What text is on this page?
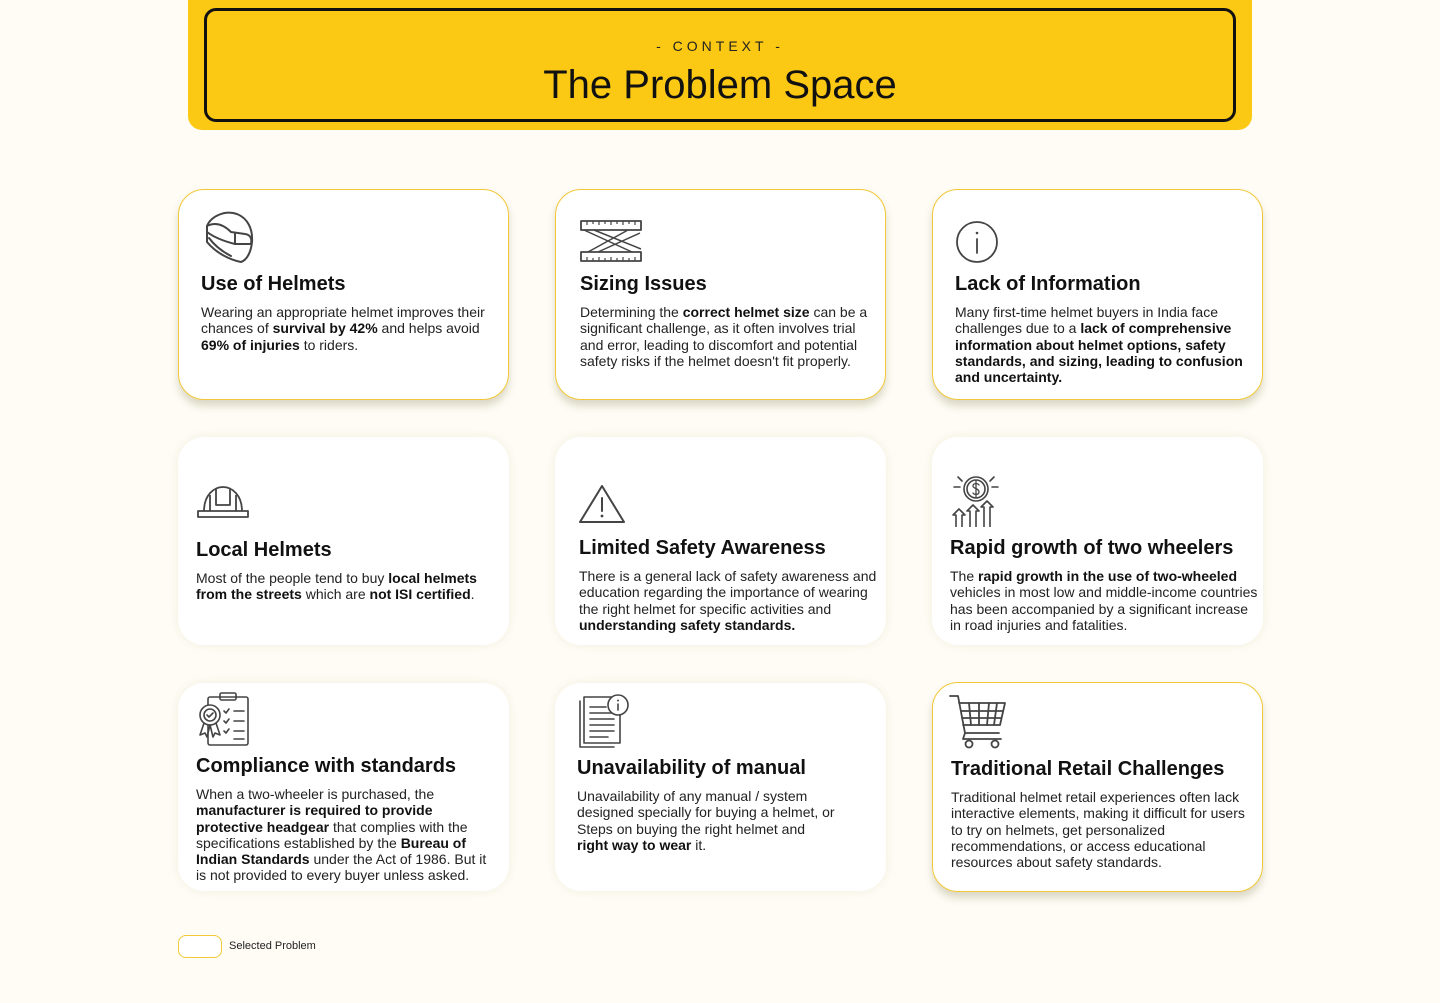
- CONTEXT -
The Problem Space
Use of Helmets
Wearing an appropriate helmet improves their chances of survival by 42% and helps avoid 69% of injuries to riders.
Sizing Issues
Determining the correct helmet size can be a significant challenge, as it often involves trial and error, leading to discomfort and potential safety risks if the helmet doesn't fit properly.
Lack of Information
Many first-time helmet buyers in India face challenges due to a lack of comprehensive information about helmet options, safety standards, and sizing, leading to confusion and uncertainty.
Local Helmets
Most of the people tend to buy local helmets from the streets which are not ISI certified.
Limited Safety Awareness
There is a general lack of safety awareness and education regarding the importance of wearing the right helmet for specific activities and understanding safety standards.
Rapid growth of two wheelers
The rapid growth in the use of two-wheeled vehicles in most low and middle-income countries has been accompanied by a significant increase in road injuries and fatalities.
Compliance with standards
When a two-wheeler is purchased, the manufacturer is required to provide protective headgear that complies with the specifications established by the Bureau of Indian Standards under the Act of 1986. But it is not provided to every buyer unless asked.
Unavailability of manual
Unavailability of any manual / system designed specially for buying a helmet, or Steps on buying the right helmet and right way to wear it.
Traditional Retail Challenges
Traditional helmet retail experiences often lack interactive elements, making it difficult for users to try on helmets, get personalized recommendations, or access educational resources about safety standards.
Selected Problem
